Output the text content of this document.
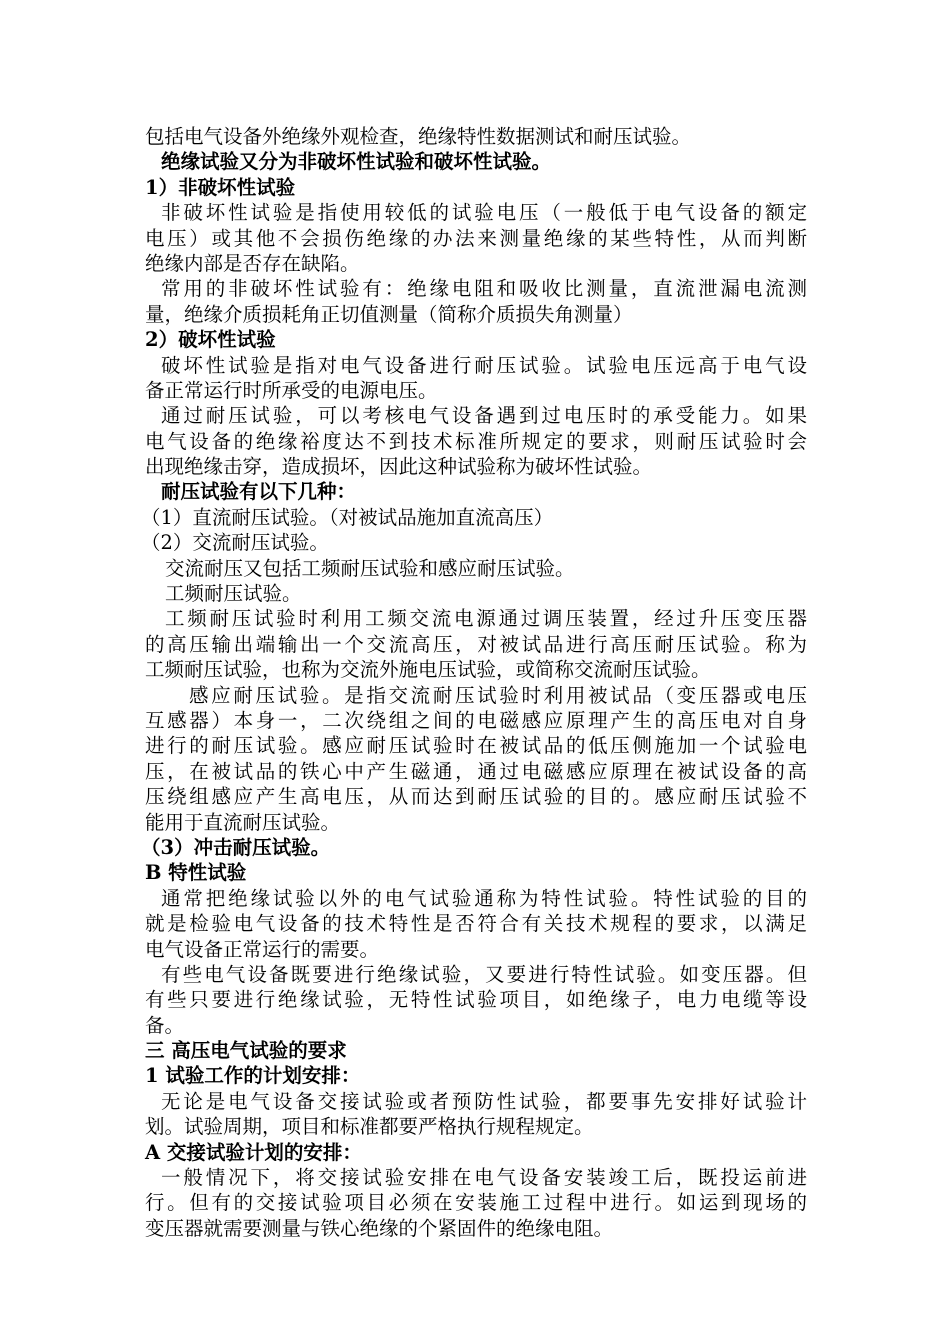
包括电气设备外绝缘外观检查，绝缘特性数据测试和耐压试验。
绝缘试验又分为非破坏性试验和破坏性试验。
1）非破坏性试验
非破坏性试验是指使用较低的试验电压（一般低于电气设备的额定
电压）或其他不会损伤绝缘的办法来测量绝缘的某些特性，从而判断
绝缘内部是否存在缺陷。
常用的非破坏性试验有：绝缘电阻和吸收比测量，直流泄漏电流测
量，绝缘介质损耗角正切值测量（简称介质损失角测量）
2）破坏性试验
破坏性试验是指对电气设备进行耐压试验。试验电压远高于电气设
备正常运行时所承受的电源电压。
通过耐压试验，可以考核电气设备遇到过电压时的承受能力。如果
电气设备的绝缘裕度达不到技术标准所规定的要求，则耐压试验时会
出现绝缘击穿，造成损坏，因此这种试验称为破坏性试验。
耐压试验有以下几种：
（1）直流耐压试验。（对被试品施加直流高压）
（2）交流耐压试验。
交流耐压又包括工频耐压试验和感应耐压试验。
工频耐压试验。
工频耐压试验时利用工频交流电源通过调压装置，经过升压变压器
的高压输出端输出一个交流高压，对被试品进行高压耐压试验。称为
工频耐压试验，也称为交流外施电压试验，或简称交流耐压试验。
感应耐压试验。是指交流耐压试验时利用被试品（变压器或电压
互感器）本身一，二次绕组之间的电磁感应原理产生的高压电对自身
进行的耐压试验。感应耐压试验时在被试品的低压侧施加一个试验电
压，在被试品的铁心中产生磁通，通过电磁感应原理在被试设备的高
压绕组感应产生高电压，从而达到耐压试验的目的。感应耐压试验不
能用于直流耐压试验。
（3）冲击耐压试验。
B 特性试验
通常把绝缘试验以外的电气试验通称为特性试验。特性试验的目的
就是检验电气设备的技术特性是否符合有关技术规程的要求，以满足
电气设备正常运行的需要。
有些电气设备既要进行绝缘试验，又要进行特性试验。如变压器。但
有些只要进行绝缘试验，无特性试验项目，如绝缘子，电力电缆等设
备。
三 高压电气试验的要求
1 试验工作的计划安排：
无论是电气设备交接试验或者预防性试验，都要事先安排好试验计
划。试验周期，项目和标准都要严格执行规程规定。
A 交接试验计划的安排：
一般情况下，将交接试验安排在电气设备安装竣工后，既投运前进
行。但有的交接试验项目必须在安装施工过程中进行。如运到现场的
变压器就需要测量与铁心绝缘的个紧固件的绝缘电阻。
